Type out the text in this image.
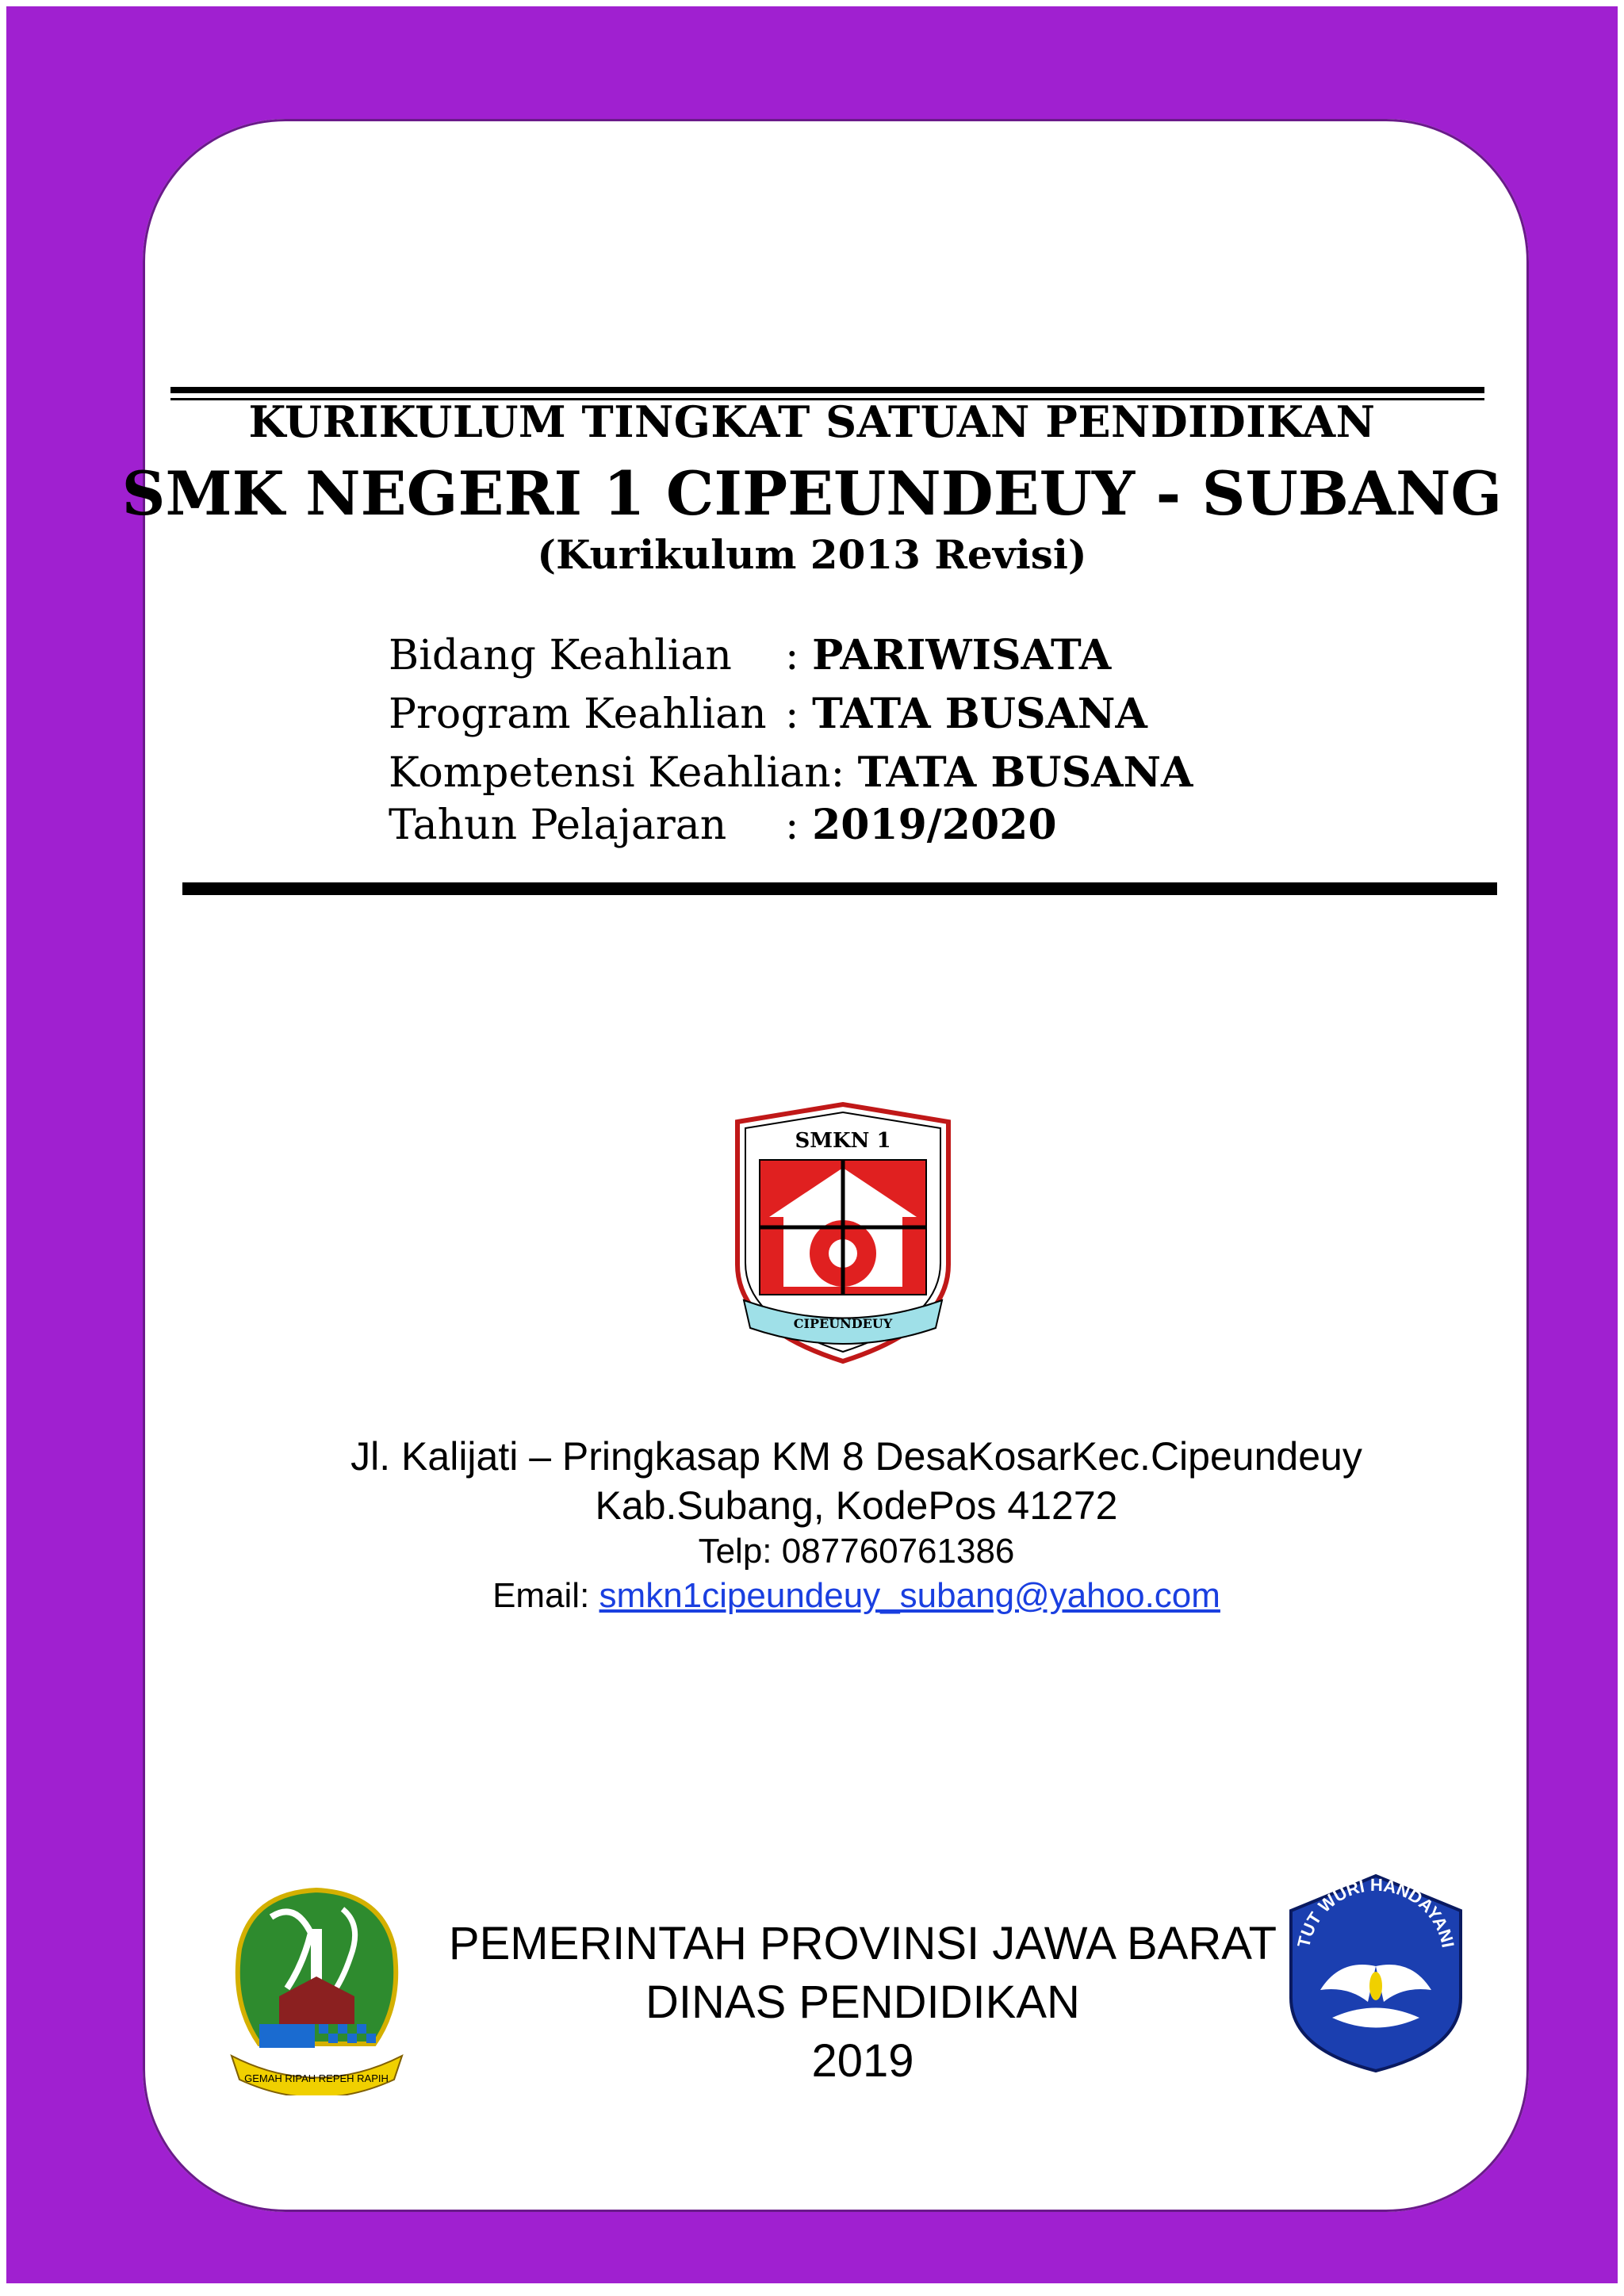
KURIKULUM TINGKAT SATUAN PENDIDIKAN
SMK NEGERI 1 CIPEUNDEUY - SUBANG
(Kurikulum 2013 Revisi)
Bidang Keahlian : PARIWISATA
Program Keahlian : TATA BUSANA
Kompetensi Keahlian: TATA BUSANA
Tahun Pelajaran : 2019/2020
SMKN 1
CIPEUNDEUY
Jl. Kalijati – Pringkasap KM 8 DesaKosarKec.Cipeundeuy
Kab.Subang, KodePos 41272
Telp: 087760761386
Email: smkn1cipeundeuy_subang@yahoo.com
GEMAH RIPAH REPEH RAPIH
PEMERINTAH PROVINSI JAWA BARAT
DINAS PENDIDIKAN
2019
TUT WURI HANDAYANI
